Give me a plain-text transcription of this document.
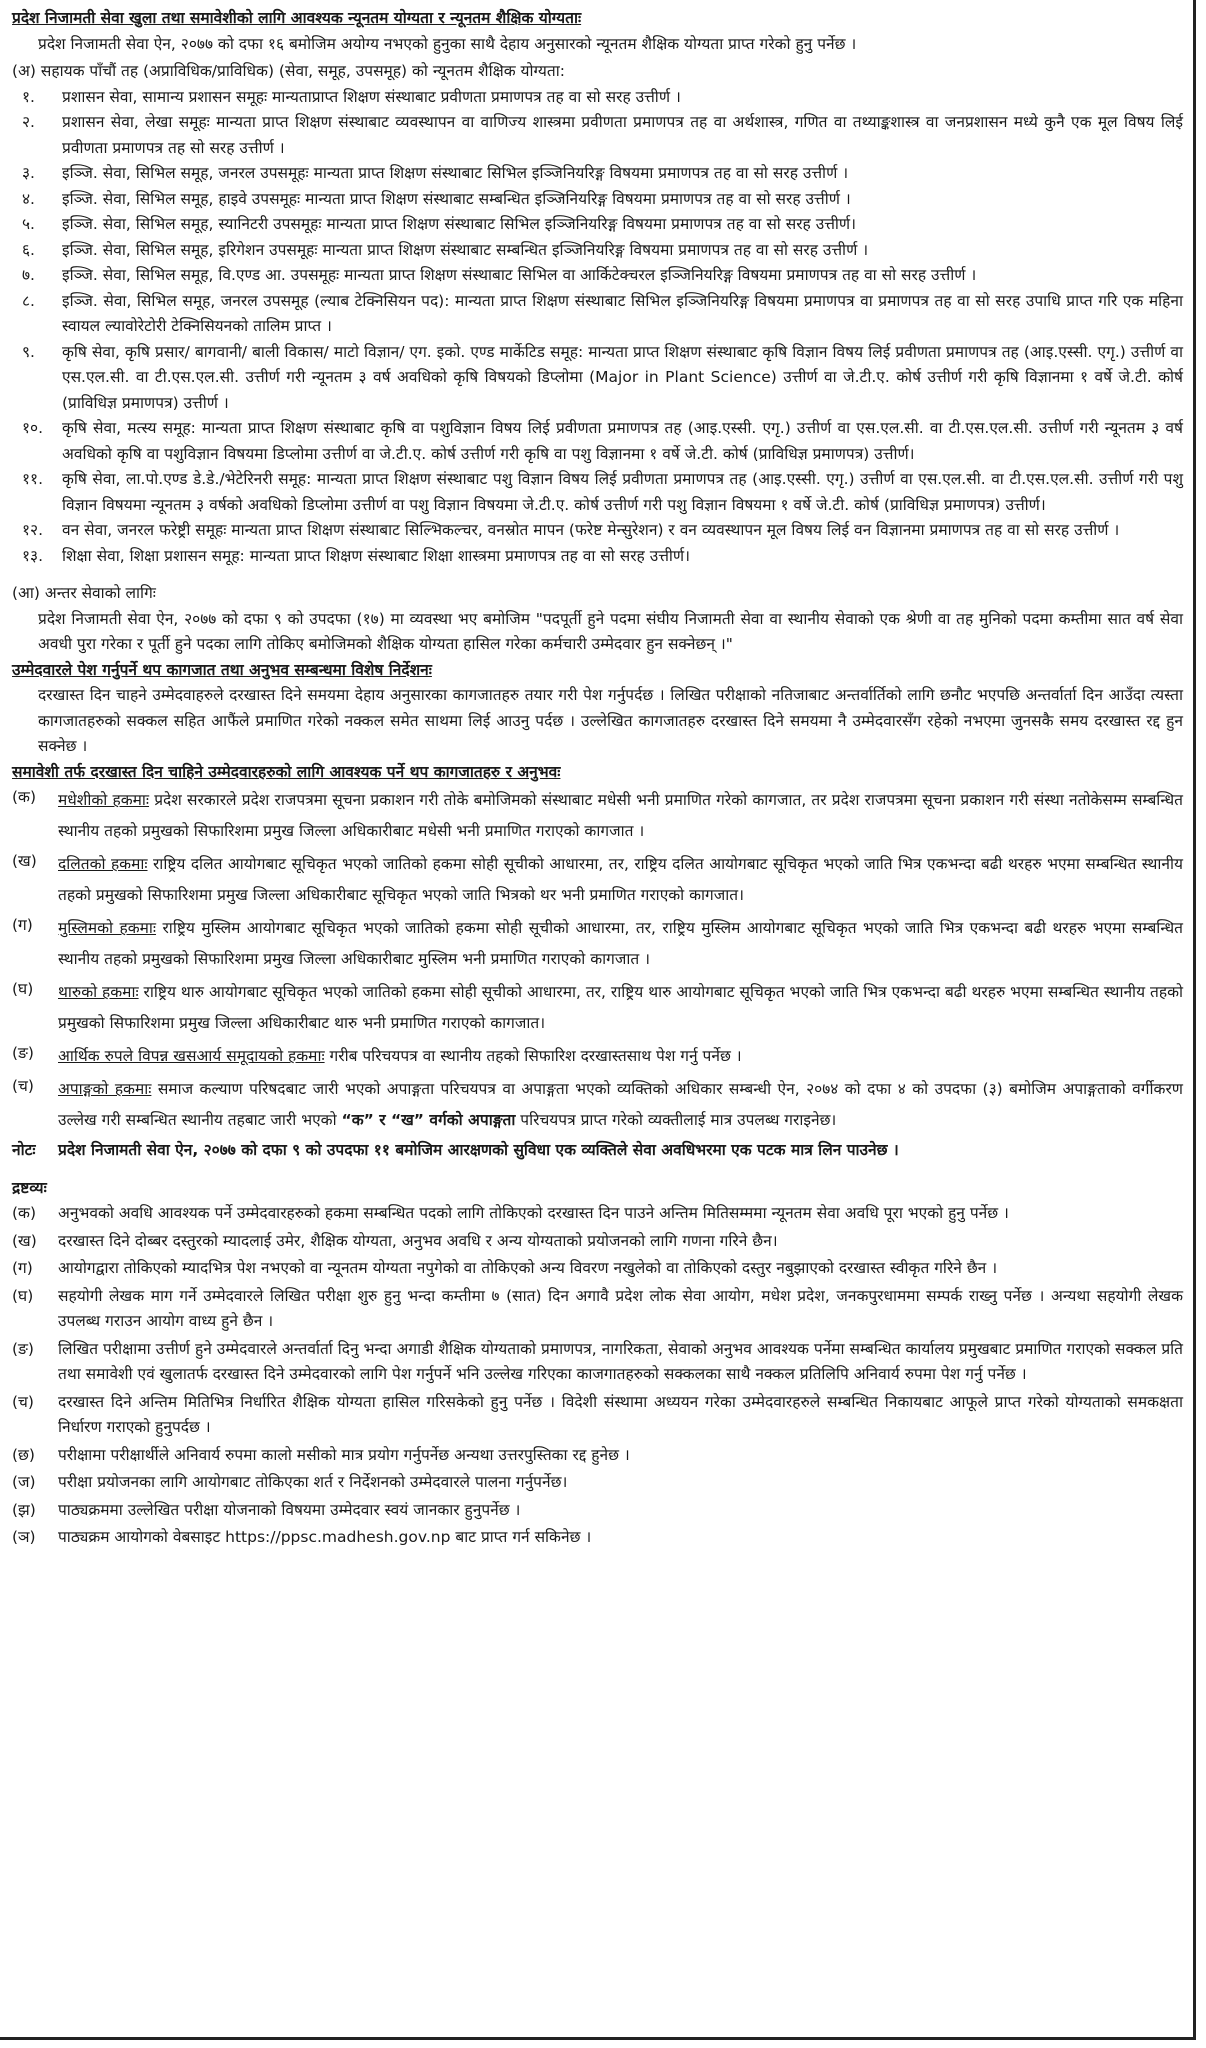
प्रदेश निजामती सेवा खुला तथा समावेशीको लागि आवश्यक न्यूनतम योग्यता र न्यूनतम शैक्षिक योग्यताः
प्रदेश निजामती सेवा ऐन, २०७७ को दफा १६ बमोजिम अयोग्य नभएको हुनुका साथै देहाय अनुसारको न्यूनतम शैक्षिक योग्यता प्राप्त गरेको हुनु पर्नेछ ।
(अ) सहायक पाँचौं तह (अप्राविधिक/प्राविधिक) (सेवा, समूह, उपसमूह) को न्यूनतम शैक्षिक योग्यता:
१.	प्रशासन सेवा, सामान्य प्रशासन समूहः मान्यताप्राप्त शिक्षण संस्थाबाट प्रवीणता प्रमाणपत्र तह वा सो सरह उत्तीर्ण ।
२.	प्रशासन सेवा, लेखा समूहः मान्यता प्राप्त शिक्षण संस्थाबाट व्यवस्थापन वा वाणिज्य शास्त्रमा प्रवीणता प्रमाणपत्र तह वा अर्थशास्त्र, गणित वा तथ्याङ्कशास्त्र वा जनप्रशासन मध्ये कुनै एक मूल विषय लिई प्रवीणता प्रमाणपत्र तह सो सरह उत्तीर्ण ।
३.	इञ्जि. सेवा, सिभिल समूह, जनरल उपसमूहः मान्यता प्राप्त शिक्षण संस्थाबाट सिभिल इञ्जिनियरिङ्ग विषयमा प्रमाणपत्र तह वा सो सरह उत्तीर्ण ।
४.	इञ्जि. सेवा, सिभिल समूह, हाइवे उपसमूहः मान्यता प्राप्त शिक्षण संस्थाबाट सम्बन्धित इञ्जिनियरिङ्ग विषयमा प्रमाणपत्र तह वा सो सरह उत्तीर्ण ।
५.	इञ्जि. सेवा, सिभिल समूह, स्यानिटरी उपसमूहः मान्यता प्राप्त शिक्षण संस्थाबाट सिभिल इञ्जिनियरिङ्ग विषयमा प्रमाणपत्र तह वा सो सरह उत्तीर्ण।
६.	इञ्जि. सेवा, सिभिल समूह, इरिगेशन उपसमूहः मान्यता प्राप्त शिक्षण संस्थाबाट सम्बन्धित इञ्जिनियरिङ्ग विषयमा प्रमाणपत्र तह वा सो सरह उत्तीर्ण ।
७.	इञ्जि. सेवा, सिभिल समूह, वि.एण्ड आ. उपसमूहः मान्यता प्राप्त शिक्षण संस्थाबाट सिभिल वा आर्किटेक्चरल इञ्जिनियरिङ्ग विषयमा प्रमाणपत्र तह वा सो सरह उत्तीर्ण ।
८.	इञ्जि. सेवा, सिभिल समूह, जनरल उपसमूह (ल्याब टेक्निसियन पद): मान्यता प्राप्त शिक्षण संस्थाबाट सिभिल इञ्जिनियरिङ्ग विषयमा प्रमाणपत्र वा प्रमाणपत्र तह वा सो सरह उपाधि प्राप्त गरि एक महिना स्वायल ल्यावोरेटोरी टेक्निसियनको तालिम प्राप्त ।
९.	कृषि सेवा, कृषि प्रसार/ बागवानी/ बाली विकास/ माटो विज्ञान/ एग. इको. एण्ड मार्केटिड समूह: मान्यता प्राप्त शिक्षण संस्थाबाट कृषि विज्ञान विषय लिई प्रवीणता प्रमाणपत्र तह (आइ.एस्सी. एगृ.) उत्तीर्ण वा एस.एल.सी. वा टी.एस.एल.सी. उत्तीर्ण गरी न्यूनतम ३ वर्ष अवधिको कृषि विषयको डिप्लोमा (Major in Plant Science) उत्तीर्ण वा जे.टी.ए. कोर्ष उत्तीर्ण गरी कृषि विज्ञानमा १ वर्षे जे.टी. कोर्ष (प्राविधिज्ञ प्रमाणपत्र) उत्तीर्ण ।
१०.	कृषि सेवा, मत्स्य समूह: मान्यता प्राप्त शिक्षण संस्थाबाट कृषि वा पशुविज्ञान विषय लिई प्रवीणता प्रमाणपत्र तह (आइ.एस्सी. एगृ.) उत्तीर्ण वा एस.एल.सी. वा टी.एस.एल.सी. उत्तीर्ण गरी न्यूनतम ३ वर्ष अवधिको कृषि वा पशुविज्ञान विषयमा डिप्लोमा उत्तीर्ण वा जे.टी.ए. कोर्ष उत्तीर्ण गरी कृषि वा पशु विज्ञानमा १ वर्षे जे.टी. कोर्ष (प्राविधिज्ञ प्रमाणपत्र) उत्तीर्ण।
११.	कृषि सेवा, ला.पो.एण्ड डे.डे./भेटेरिनरी समूह: मान्यता प्राप्त शिक्षण संस्थाबाट पशु विज्ञान विषय लिई प्रवीणता प्रमाणपत्र तह (आइ.एस्सी. एगृ.) उत्तीर्ण वा एस.एल.सी. वा टी.एस.एल.सी. उत्तीर्ण गरी पशु विज्ञान विषयमा न्यूनतम ३ वर्षको अवधिको डिप्लोमा उत्तीर्ण वा पशु विज्ञान विषयमा जे.टी.ए. कोर्ष उत्तीर्ण गरी पशु विज्ञान विषयमा १ वर्षे जे.टी. कोर्ष (प्राविधिज्ञ प्रमाणपत्र) उत्तीर्ण।
१२.	वन सेवा, जनरल फरेष्ट्री समूहः मान्यता प्राप्त शिक्षण संस्थाबाट सिल्भिकल्चर, वनस्रोत मापन (फरेष्ट मेन्सुरेशन) र वन व्यवस्थापन मूल विषय लिई वन विज्ञानमा प्रमाणपत्र तह वा सो सरह उत्तीर्ण ।
१३.	शिक्षा सेवा, शिक्षा प्रशासन समूह: मान्यता प्राप्त शिक्षण संस्थाबाट शिक्षा शास्त्रमा प्रमाणपत्र तह वा सो सरह उत्तीर्ण।
(आ) अन्तर सेवाको लागिः
प्रदेश निजामती सेवा ऐन, २०७७ को दफा ९ को उपदफा (१७) मा व्यवस्था भए बमोजिम "पदपूर्ती हुने पदमा संघीय निजामती सेवा वा स्थानीय सेवाको एक श्रेणी वा तह मुनिको पदमा कम्तीमा सात वर्ष सेवा अवधी पुरा गरेका र पूर्ती हुने पदका लागि तोकिए बमोजिमको शैक्षिक योग्यता हासिल गरेका कर्मचारी उम्मेदवार हुन सक्नेछन् ।"
उम्मेदवारले पेश गर्नुपर्ने थप कागजात तथा अनुभव सम्बन्धमा विशेष निर्देशनः
दरखास्त दिन चाहने उम्मेदवाहरुले दरखास्त दिने समयमा देहाय अनुसारका कागजातहरु तयार गरी पेश गर्नुपर्दछ । लिखित परीक्षाको नतिजाबाट अन्तर्वार्तिको लागि छनौट भएपछि अन्तर्वार्ता दिन आउँदा त्यस्ता कागजातहरुको सक्कल सहित आफैंले प्रमाणित गरेको नक्कल समेत साथमा लिई आउनु पर्दछ । उल्लेखित कागजातहरु दरखास्त दिने समयमा नै उम्मेदवारसँग रहेको नभएमा जुनसकै समय दरखास्त रद्द हुन सक्नेछ ।
समावेशी तर्फ दरखास्त दिन चाहिने उम्मेदवारहरुको लागि आवश्यक पर्ने थप कागजातहरु र अनुभवः
(क)	मधेशीको हकमाः प्रदेश सरकारले प्रदेश राजपत्रमा सूचना प्रकाशन गरी तोके बमोजिमको संस्थाबाट मधेसी भनी प्रमाणित गरेको कागजात, तर प्रदेश राजपत्रमा सूचना प्रकाशन गरी संस्था नतोकेसम्म सम्बन्धित स्थानीय तहको प्रमुखको सिफारिशमा प्रमुख जिल्ला अधिकारीबाट मधेसी भनी प्रमाणित गराएको कागजात ।
(ख)	दलितको हकमाः राष्ट्रिय दलित आयोगबाट सूचिकृत भएको जातिको हकमा सोही सूचीको आधारमा, तर, राष्ट्रिय दलित आयोगबाट सूचिकृत भएको जाति भित्र एकभन्दा बढी थरहरु भएमा सम्बन्धित स्थानीय तहको प्रमुखको सिफारिशमा प्रमुख जिल्ला अधिकारीबाट सूचिकृत भएको जाति भित्रको थर भनी प्रमाणित गराएको कागजात।
(ग)	मुस्लिमको हकमाः राष्ट्रिय मुस्लिम आयोगबाट सूचिकृत भएको जातिको हकमा सोही सूचीको आधारमा, तर, राष्ट्रिय मुस्लिम आयोगबाट सूचिकृत भएको जाति भित्र एकभन्दा बढी थरहरु भएमा सम्बन्धित स्थानीय तहको प्रमुखको सिफारिशमा प्रमुख जिल्ला अधिकारीबाट मुस्लिम भनी प्रमाणित गराएको कागजात ।
(घ)	थारुको हकमाः राष्ट्रिय थारु आयोगबाट सूचिकृत भएको जातिको हकमा सोही सूचीको आधारमा, तर, राष्ट्रिय थारु आयोगबाट सूचिकृत भएको जाति भित्र एकभन्दा बढी थरहरु भएमा सम्बन्धित स्थानीय तहको प्रमुखको सिफारिशमा प्रमुख जिल्ला अधिकारीबाट थारु भनी प्रमाणित गराएको कागजात।
(ङ)	आर्थिक रुपले विपन्न खसआर्य समूदायको हकमाः गरीब परिचयपत्र वा स्थानीय तहको सिफारिश दरखास्तसाथ पेश गर्नु पर्नेछ ।
(च)	अपाङ्गको हकमाः समाज कल्याण परिषदबाट जारी भएको अपाङ्गता परिचयपत्र वा अपाङ्गता भएको व्यक्तिको अधिकार सम्बन्धी ऐन, २०७४ को दफा ४ को उपदफा (३) बमोजिम अपाङ्गताको वर्गीकरण उल्लेख गरी सम्बन्धित स्थानीय तहबाट जारी भएको “क” र “ख” वर्गको अपाङ्गता परिचयपत्र प्राप्त गरेको व्यक्तीलाई मात्र उपलब्ध गराइनेछ।
नोटः	प्रदेश निजामती सेवा ऐन, २०७७ को दफा ९ को उपदफा ११ बमोजिम आरक्षणको सुविधा एक व्यक्तिले सेवा अवधिभरमा एक पटक मात्र लिन पाउनेछ ।
द्रष्टव्यः
(क)	अनुभवको अवधि आवश्यक पर्ने उम्मेदवारहरुको हकमा सम्बन्धित पदको लागि तोकिएको दरखास्त दिन पाउने अन्तिम मितिसम्ममा न्यूनतम सेवा अवधि पूरा भएको हुनु पर्नेछ ।
(ख)	दरखास्त दिने दोब्बर दस्तुरको म्यादलाई उमेर, शैक्षिक योग्यता, अनुभव अवधि र अन्य योग्यताको प्रयोजनको लागि गणना गरिने छैन।
(ग)	आयोगद्वारा तोकिएको म्यादभित्र पेश नभएको वा न्यूनतम योग्यता नपुगेको वा तोकिएको अन्य विवरण नखुलेको वा तोकिएको दस्तुर नबुझाएको दरखास्त स्वीकृत गरिने छैन ।
(घ)	सहयोगी लेखक माग गर्ने उम्मेदवारले लिखित परीक्षा शुरु हुनु भन्दा कम्तीमा ७ (सात) दिन अगावै प्रदेश लोक सेवा आयोग, मधेश प्रदेश, जनकपुरधाममा सम्पर्क राख्नु पर्नेछ । अन्यथा सहयोगी लेखक उपलब्ध गराउन आयोग वाध्य हुने छैन ।
(ङ)	लिखित परीक्षामा उत्तीर्ण हुने उम्मेदवारले अन्तर्वार्ता दिनु भन्दा अगाडी शैक्षिक योग्यताको प्रमाणपत्र, नागरिकता, सेवाको अनुभव आवश्यक पर्नेमा सम्बन्धित कार्यालय प्रमुखबाट प्रमाणित गराएको सक्कल प्रति तथा समावेशी एवं खुलातर्फ दरखास्त दिने उम्मेदवारको लागि पेश गर्नुपर्ने भनि उल्लेख गरिएका काजगातहरुको सक्कलका साथै नक्कल प्रतिलिपि अनिवार्य रुपमा पेश गर्नु पर्नेछ ।
(च)	दरखास्त दिने अन्तिम मितिभित्र निर्धारित शैक्षिक योग्यता हासिल गरिसकेको हुनु पर्नेछ । विदेशी संस्थामा अध्ययन गरेका उम्मेदवारहरुले सम्बन्धित निकायबाट आफूले प्राप्त गरेको योग्यताको समकक्षता निर्धारण गराएको हुनुपर्दछ ।
(छ)	परीक्षामा परीक्षार्थीले अनिवार्य रुपमा कालो मसीको मात्र प्रयोग गर्नुपर्नेछ अन्यथा उत्तरपुस्तिका रद्द हुनेछ ।
(ज)	परीक्षा प्रयोजनका लागि आयोगबाट तोकिएका शर्त र निर्देशनको उम्मेदवारले पालना गर्नुपर्नेछ।
(झ)	पाठ्यक्रममा उल्लेखित परीक्षा योजनाको विषयमा उम्मेदवार स्वयं जानकार हुनुपर्नेछ ।
(ञ)	पाठ्यक्रम आयोगको वेबसाइट https://ppsc.madhesh.gov.np बाट प्राप्त गर्न सकिनेछ ।
